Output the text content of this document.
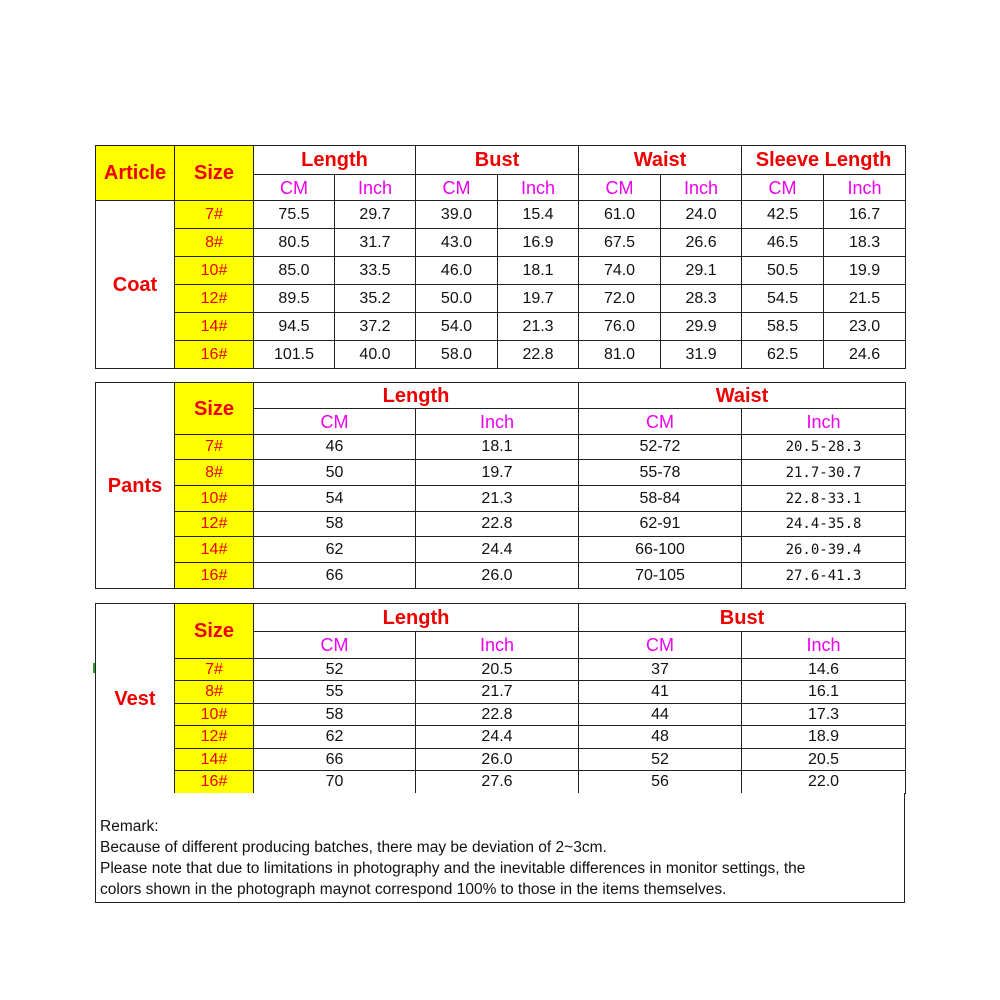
Article	Size	Length		Bust		Waist		Sleeve Length	
		CM	Inch	CM	Inch	CM	Inch	CM	Inch
Coat	7#	75.5	29.7	39.0	15.4	61.0	24.0	42.5	16.7
	8#	80.5	31.7	43.0	16.9	67.5	26.6	46.5	18.3
	10#	85.0	33.5	46.0	18.1	74.0	29.1	50.5	19.9
	12#	89.5	35.2	50.0	19.7	72.0	28.3	54.5	21.5
	14#	94.5	37.2	54.0	21.3	76.0	29.9	58.5	23.0
	16#	101.5	40.0	58.0	22.8	81.0	31.9	62.5	24.6
Pants	Size	Length		Waist	
		CM	Inch	CM	Inch
	7#	46	18.1	52-72	20.5-28.3
	8#	50	19.7	55-78	21.7-30.7
	10#	54	21.3	58-84	22.8-33.1
	12#	58	22.8	62-91	24.4-35.8
	14#	62	24.4	66-100	26.0-39.4
	16#	66	26.0	70-105	27.6-41.3
Vest	Size	Length		Bust	
		CM	Inch	CM	Inch
	7#	52	20.5	37	14.6
	8#	55	21.7	41	16.1
	10#	58	22.8	44	17.3
	12#	62	24.4	48	18.9
	14#	66	26.0	52	20.5
	16#	70	27.6	56	22.0
Remark:
Because of different producing batches, there may be deviation of 2~3cm.
Please note that due to limitations in photography and the inevitable differences in monitor settings, the
colors shown in the photograph maynot correspond 100% to those in the items themselves.
